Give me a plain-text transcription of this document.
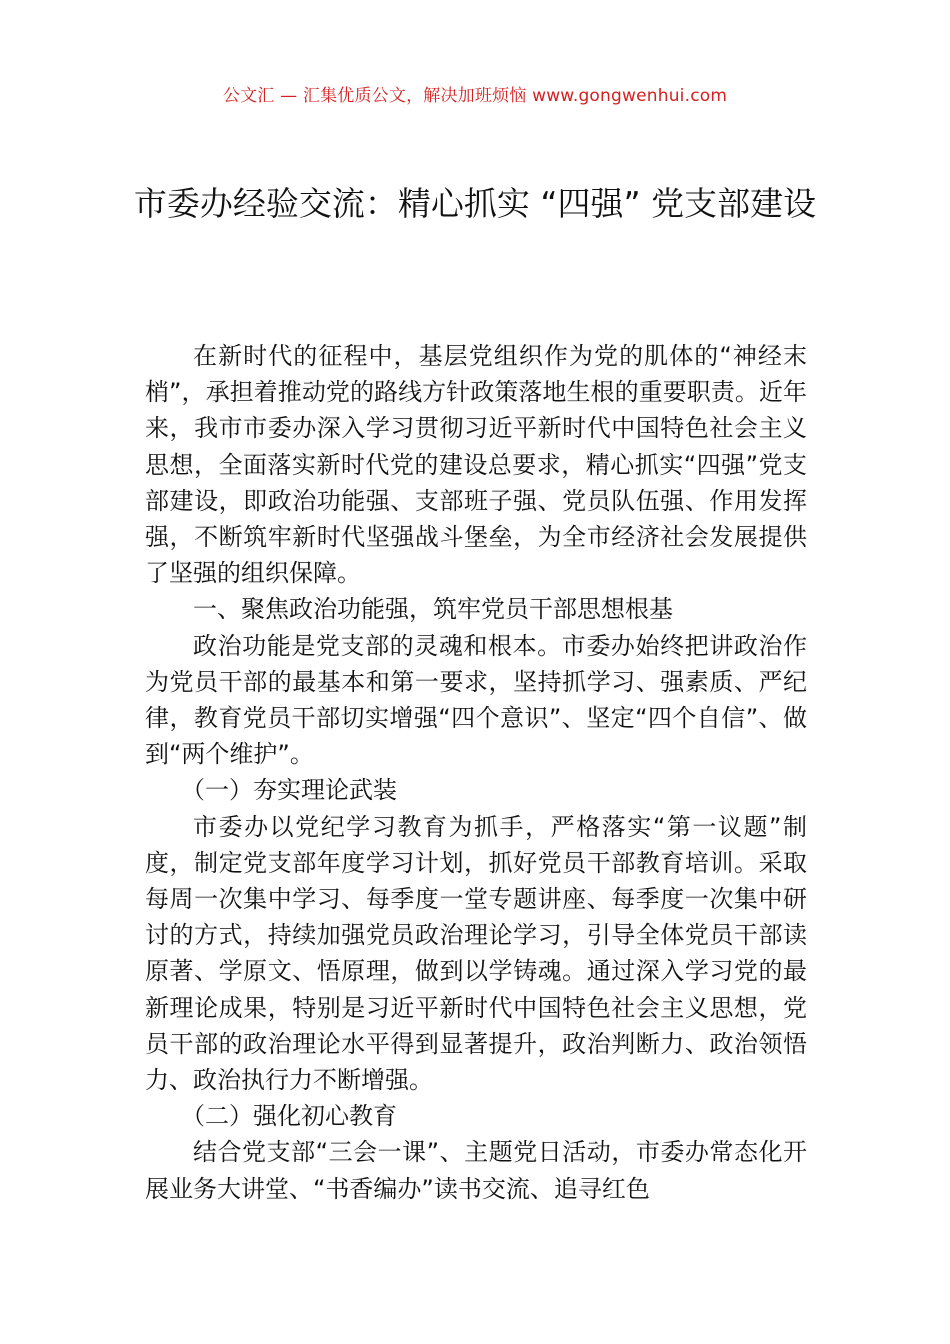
公文汇 — 汇集优质公文，解决加班烦恼 www.gongwenhui.com
市委办经验交流：精心抓实 “四强” 党支部建设

在新时代的征程中，基层党组织作为党的肌体的“神经末梢”，承担着推动党的路线方针政策落地生根的重要职责。近年来，我市市委办深入学习贯彻习近平新时代中国特色社会主义思想，全面落实新时代党的建设总要求，精心抓实“四强”党支部建设，即政治功能强、支部班子强、党员队伍强、作用发挥强，不断筑牢新时代坚强战斗堡垒，为全市经济社会发展提供了坚强的组织保障。

一、聚焦政治功能强，筑牢党员干部思想根基

政治功能是党支部的灵魂和根本。市委办始终把讲政治作为党员干部的最基本和第一要求，坚持抓学习、强素质、严纪律，教育党员干部切实增强“四个意识”、坚定“四个自信”、做到“两个维护”。

（一）夯实理论武装

市委办以党纪学习教育为抓手，严格落实“第一议题”制度，制定党支部年度学习计划，抓好党员干部教育培训。采取每周一次集中学习、每季度一堂专题讲座、每季度一次集中研讨的方式，持续加强党员政治理论学习，引导全体党员干部读原著、学原文、悟原理，做到以学铸魂。通过深入学习党的最新理论成果，特别是习近平新时代中国特色社会主义思想，党员干部的政治理论水平得到显著提升，政治判断力、政治领悟力、政治执行力不断增强。

（二）强化初心教育

结合党支部“三会一课”、主题党日活动，市委办常态化开展业务大讲堂、“书香编办”读书交流、追寻红色
